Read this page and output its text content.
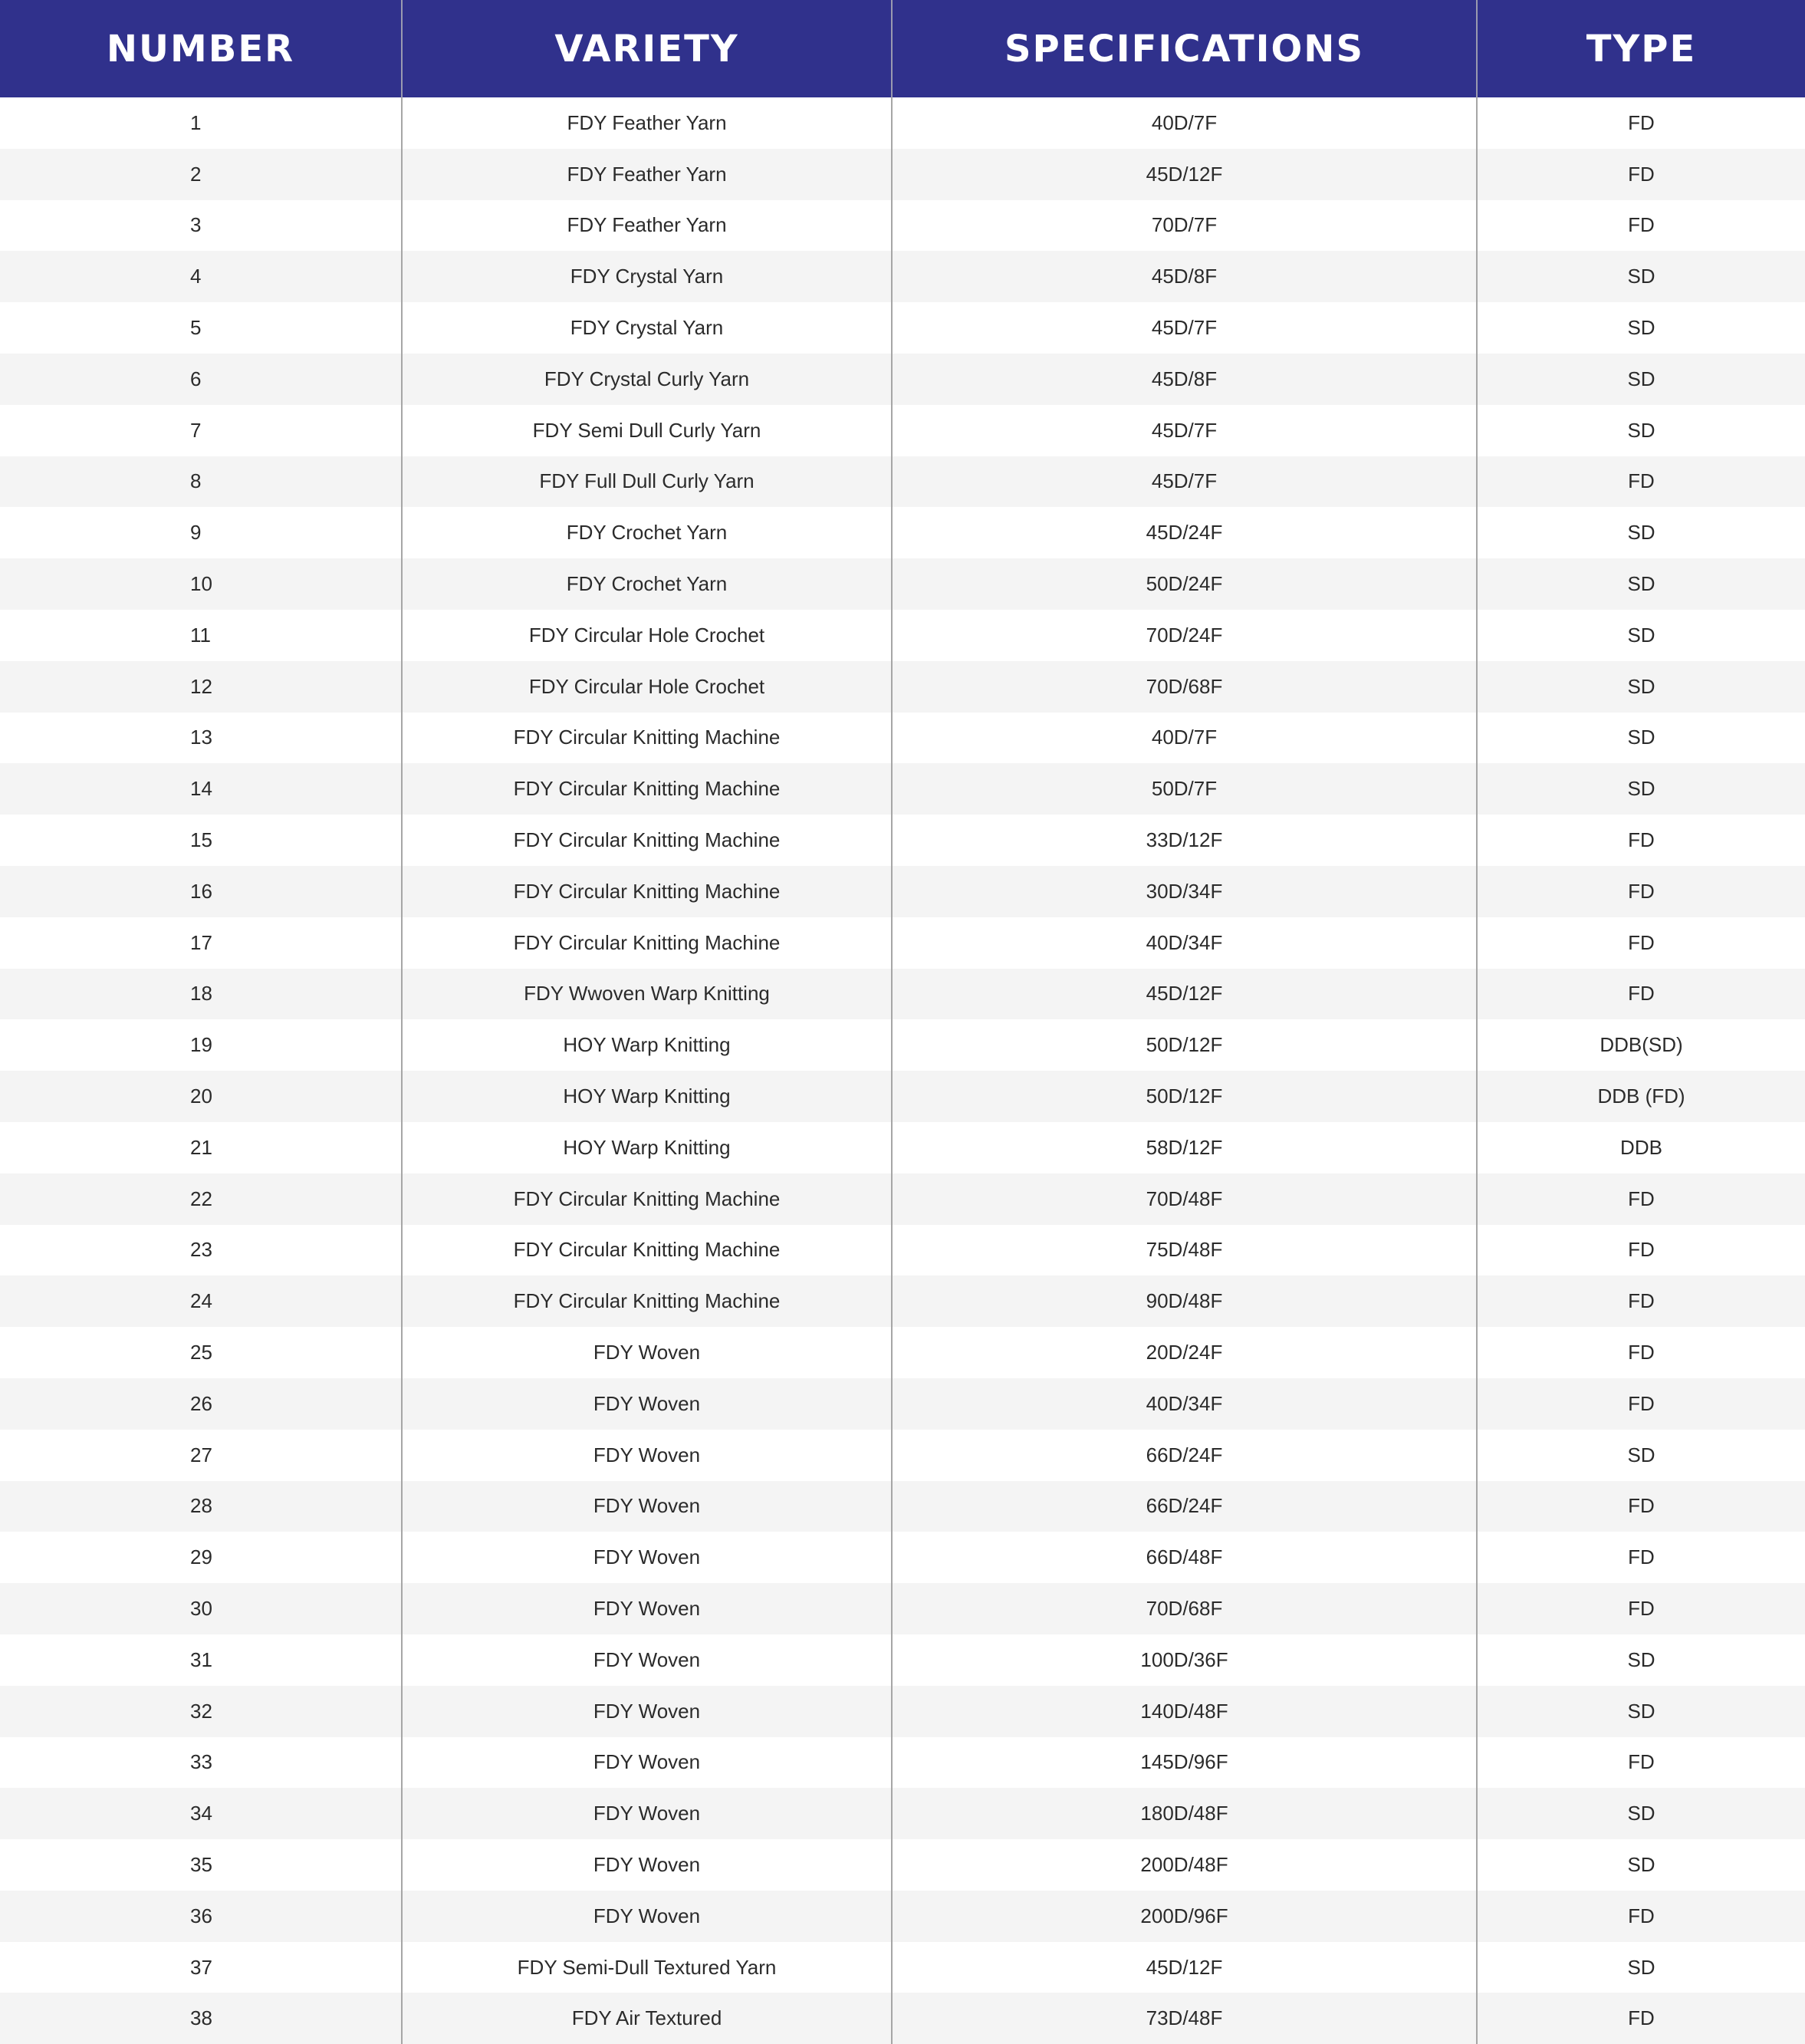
NUMBER	VARIETY	SPECIFICATIONS	TYPE
1	FDY Feather Yarn	40D/7F	FD
2	FDY Feather Yarn	45D/12F	FD
3	FDY Feather Yarn	70D/7F	FD
4	FDY Crystal Yarn	45D/8F	SD
5	FDY Crystal Yarn	45D/7F	SD
6	FDY Crystal Curly Yarn	45D/8F	SD
7	FDY Semi Dull Curly Yarn	45D/7F	SD
8	FDY Full Dull Curly Yarn	45D/7F	FD
9	FDY Crochet Yarn	45D/24F	SD
10	FDY Crochet Yarn	50D/24F	SD
11	FDY Circular Hole Crochet	70D/24F	SD
12	FDY Circular Hole Crochet	70D/68F	SD
13	FDY Circular Knitting Machine	40D/7F	SD
14	FDY Circular Knitting Machine	50D/7F	SD
15	FDY Circular Knitting Machine	33D/12F	FD
16	FDY Circular Knitting Machine	30D/34F	FD
17	FDY Circular Knitting Machine	40D/34F	FD
18	FDY Wwoven Warp Knitting	45D/12F	FD
19	HOY Warp Knitting	50D/12F	DDB(SD)
20	HOY Warp Knitting	50D/12F	DDB (FD)
21	HOY Warp Knitting	58D/12F	DDB
22	FDY Circular Knitting Machine	70D/48F	FD
23	FDY Circular Knitting Machine	75D/48F	FD
24	FDY Circular Knitting Machine	90D/48F	FD
25	FDY Woven	20D/24F	FD
26	FDY Woven	40D/34F	FD
27	FDY Woven	66D/24F	SD
28	FDY Woven	66D/24F	FD
29	FDY Woven	66D/48F	FD
30	FDY Woven	70D/68F	FD
31	FDY Woven	100D/36F	SD
32	FDY Woven	140D/48F	SD
33	FDY Woven	145D/96F	FD
34	FDY Woven	180D/48F	SD
35	FDY Woven	200D/48F	SD
36	FDY Woven	200D/96F	FD
37	FDY Semi-Dull Textured Yarn	45D/12F	SD
38	FDY Air Textured	73D/48F	FD
